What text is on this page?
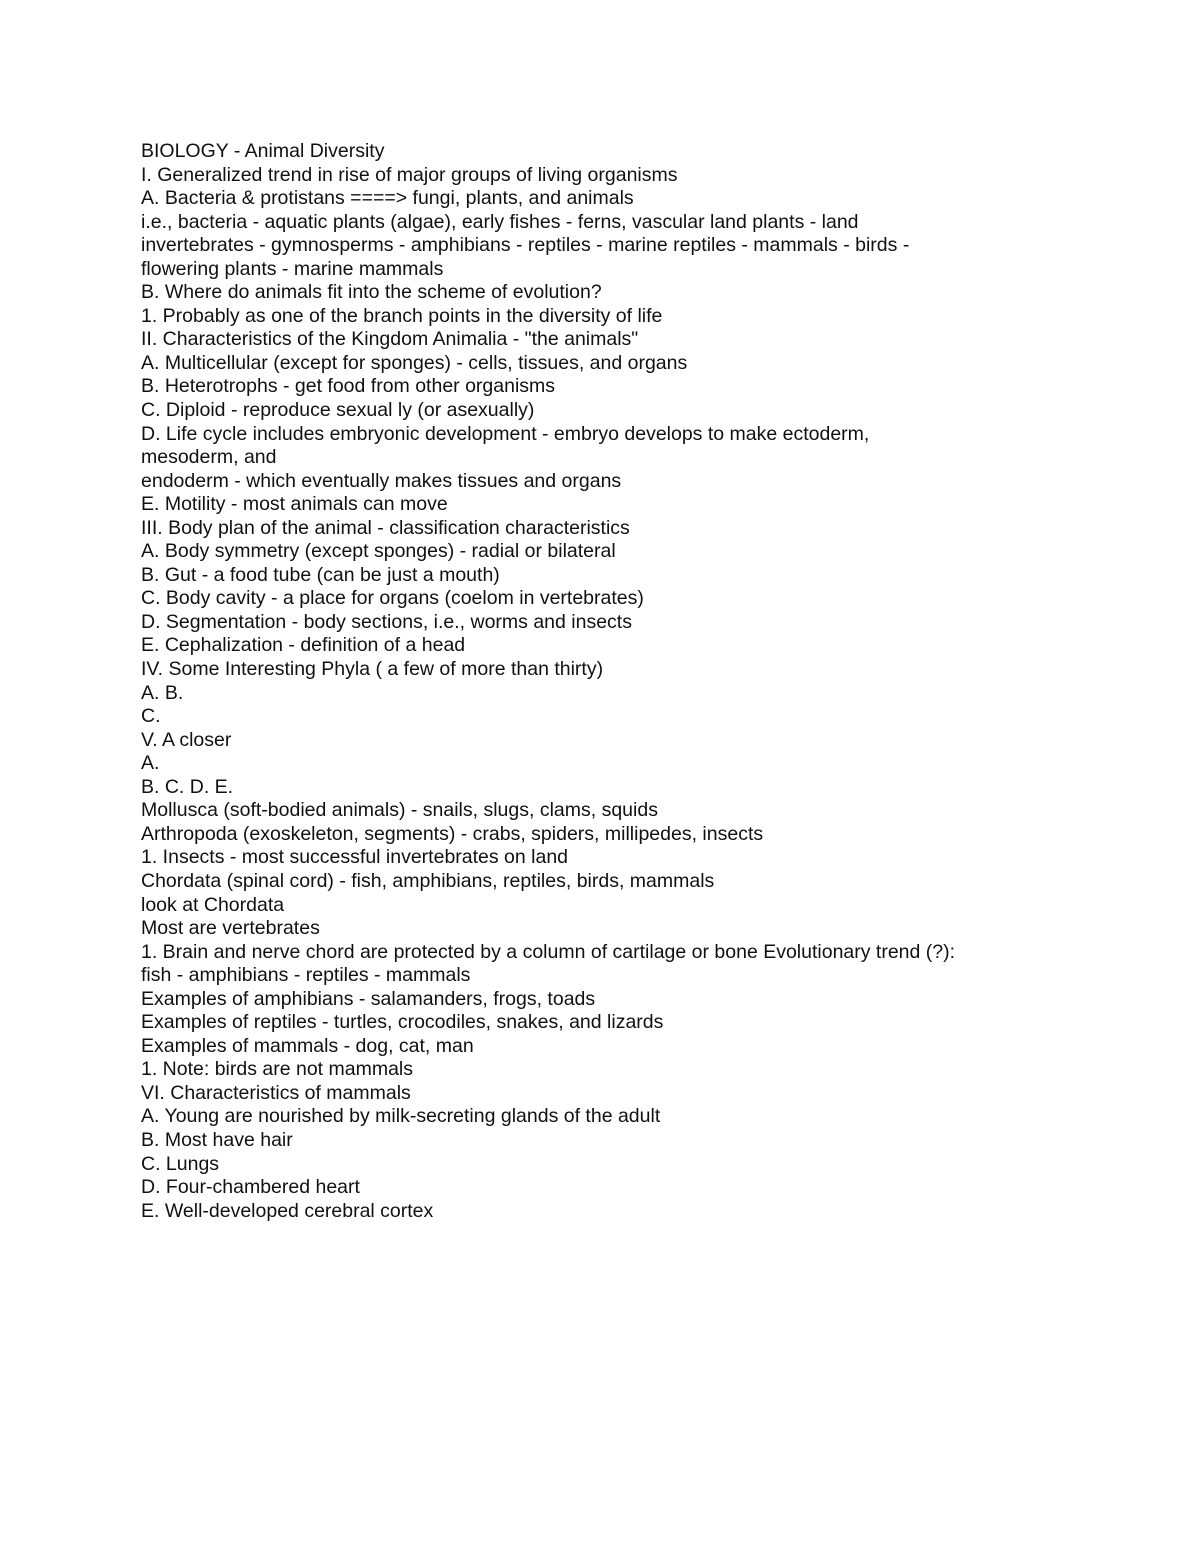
BIOLOGY - Animal Diversity
I. Generalized trend in rise of major groups of living organisms
A. Bacteria & protistans ====> fungi, plants, and animals
i.e., bacteria - aquatic plants (algae), early fishes - ferns, vascular land plants - land
invertebrates - gymnosperms - amphibians - reptiles - marine reptiles - mammals - birds -
flowering plants - marine mammals
B. Where do animals fit into the scheme of evolution?
1. Probably as one of the branch points in the diversity of life
II. Characteristics of the Kingdom Animalia - "the animals"
A. Multicellular (except for sponges) - cells, tissues, and organs
B. Heterotrophs - get food from other organisms
C. Diploid - reproduce sexual ly (or asexually)
D. Life cycle includes embryonic development - embryo develops to make ectoderm,
mesoderm, and
endoderm - which eventually makes tissues and organs
E. Motility - most animals can move
III. Body plan of the animal - classification characteristics
A. Body symmetry (except sponges) - radial or bilateral
B. Gut - a food tube (can be just a mouth)
C. Body cavity - a place for organs (coelom in vertebrates)
D. Segmentation - body sections, i.e., worms and insects
E. Cephalization - definition of a head
IV. Some Interesting Phyla ( a few of more than thirty)
A. B.
C.
V. A closer
A.
B. C. D. E.
Mollusca (soft-bodied animals) - snails, slugs, clams, squids
Arthropoda (exoskeleton, segments) - crabs, spiders, millipedes, insects
1. Insects - most successful invertebrates on land
Chordata (spinal cord) - fish, amphibians, reptiles, birds, mammals
look at Chordata
Most are vertebrates
1. Brain and nerve chord are protected by a column of cartilage or bone Evolutionary trend (?):
fish - amphibians - reptiles - mammals
Examples of amphibians - salamanders, frogs, toads
Examples of reptiles - turtles, crocodiles, snakes, and lizards
Examples of mammals - dog, cat, man
1. Note: birds are not mammals
VI. Characteristics of mammals
A. Young are nourished by milk-secreting glands of the adult
B. Most have hair
C. Lungs
D. Four-chambered heart
E. Well-developed cerebral cortex
